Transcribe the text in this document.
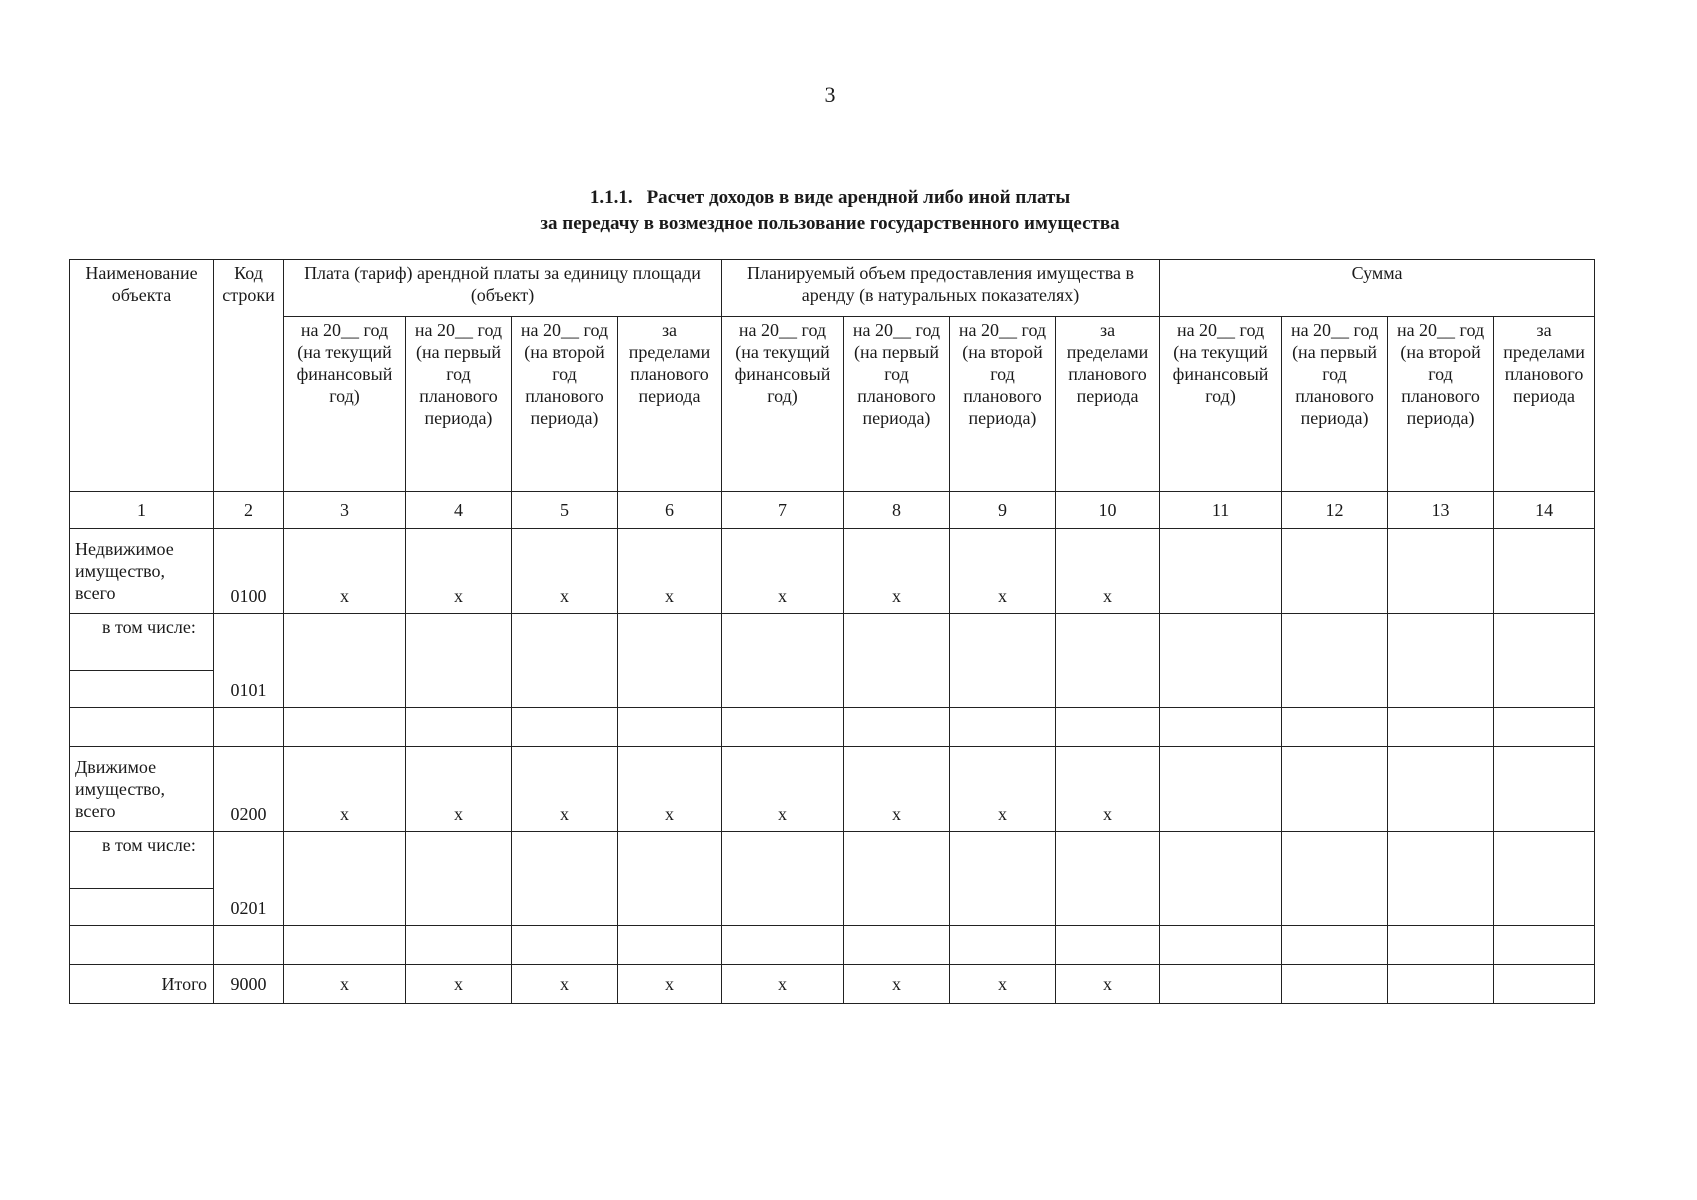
3
1.1.1. Расчет доходов в виде арендной либо иной платы
за передачу в возмездное пользование государственного имущества
Наименование объекта	Код строки	Плата (тариф) арендной платы за единицу площади (объект)				Планируемый объем предоставления имущества в аренду (в натуральных показателях)				Сумма			
		на 20__ год (на текущий финансовый год)	на 20__ год (на первый год планового периода)	на 20__ год (на второй год планового периода)	за пределами планового периода	на 20__ год (на текущий финансовый год)	на 20__ год (на первый год планового периода)	на 20__ год (на второй год планового периода)	за пределами планового периода	на 20__ год (на текущий финансовый год)	на 20__ год (на первый год планового периода)	на 20__ год (на второй год планового периода)	за пределами планового периода
1	2	3	4	5	6	7	8	9	10	11	12	13	14
Недвижимое имущество, всего	0100	x	x	x	x	x	x	x	x				
в том числе:	0101												

Движимое имущество, всего	0200	x	x	x	x	x	x	x	x				
в том числе:	0201												

Итого	9000	x	x	x	x	x	x	x	x				
